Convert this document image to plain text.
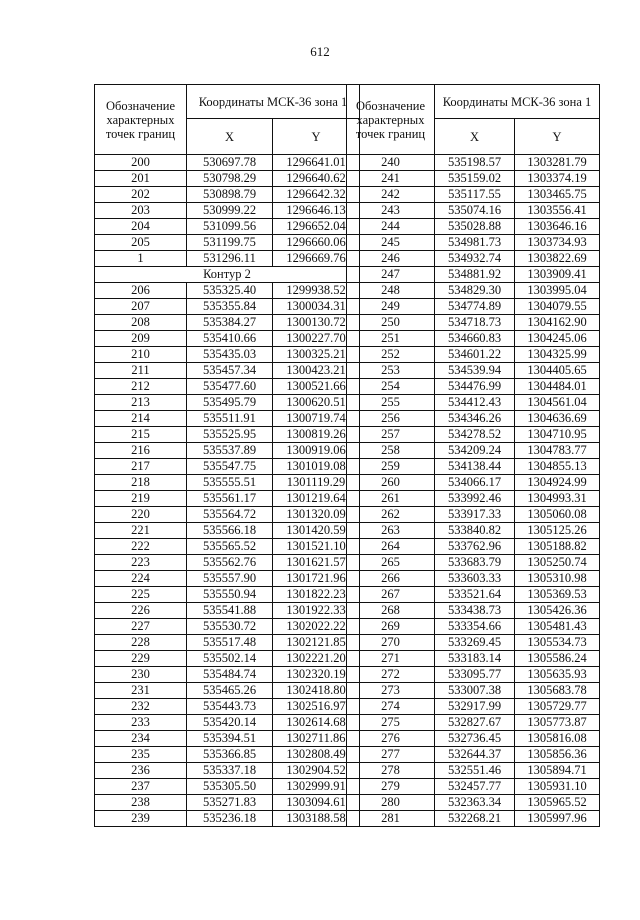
612
Обозначение характерных точек границ	Координаты МСК-36 зона 1	
	X	Y
200	530697.78	1296641.01
201	530798.29	1296640.62
202	530898.79	1296642.32
203	530999.22	1296646.13
204	531099.56	1296652.04
205	531199.75	1296660.06
1	531296.11	1296669.76
Контур 2		
206	535325.40	1299938.52
207	535355.84	1300034.31
208	535384.27	1300130.72
209	535410.66	1300227.70
210	535435.03	1300325.21
211	535457.34	1300423.21
212	535477.60	1300521.66
213	535495.79	1300620.51
214	535511.91	1300719.74
215	535525.95	1300819.26
216	535537.89	1300919.06
217	535547.75	1301019.08
218	535555.51	1301119.29
219	535561.17	1301219.64
220	535564.72	1301320.09
221	535566.18	1301420.59
222	535565.52	1301521.10
223	535562.76	1301621.57
224	535557.90	1301721.96
225	535550.94	1301822.23
226	535541.88	1301922.33
227	535530.72	1302022.22
228	535517.48	1302121.85
229	535502.14	1302221.20
230	535484.74	1302320.19
231	535465.26	1302418.80
232	535443.73	1302516.97
233	535420.14	1302614.68
234	535394.51	1302711.86
235	535366.85	1302808.49
236	535337.18	1302904.52
237	535305.50	1302999.91
238	535271.83	1303094.61
239	535236.18	1303188.58
Обозначение характерных точек границ	Координаты МСК-36 зона 1	
	X	Y
240	535198.57	1303281.79
241	535159.02	1303374.19
242	535117.55	1303465.75
243	535074.16	1303556.41
244	535028.88	1303646.16
245	534981.73	1303734.93
246	534932.74	1303822.69
247	534881.92	1303909.41
248	534829.30	1303995.04
249	534774.89	1304079.55
250	534718.73	1304162.90
251	534660.83	1304245.06
252	534601.22	1304325.99
253	534539.94	1304405.65
254	534476.99	1304484.01
255	534412.43	1304561.04
256	534346.26	1304636.69
257	534278.52	1304710.95
258	534209.24	1304783.77
259	534138.44	1304855.13
260	534066.17	1304924.99
261	533992.46	1304993.31
262	533917.33	1305060.08
263	533840.82	1305125.26
264	533762.96	1305188.82
265	533683.79	1305250.74
266	533603.33	1305310.98
267	533521.64	1305369.53
268	533438.73	1305426.36
269	533354.66	1305481.43
270	533269.45	1305534.73
271	533183.14	1305586.24
272	533095.77	1305635.93
273	533007.38	1305683.78
274	532917.99	1305729.77
275	532827.67	1305773.87
276	532736.45	1305816.08
277	532644.37	1305856.36
278	532551.46	1305894.71
279	532457.77	1305931.10
280	532363.34	1305965.52
281	532268.21	1305997.96
